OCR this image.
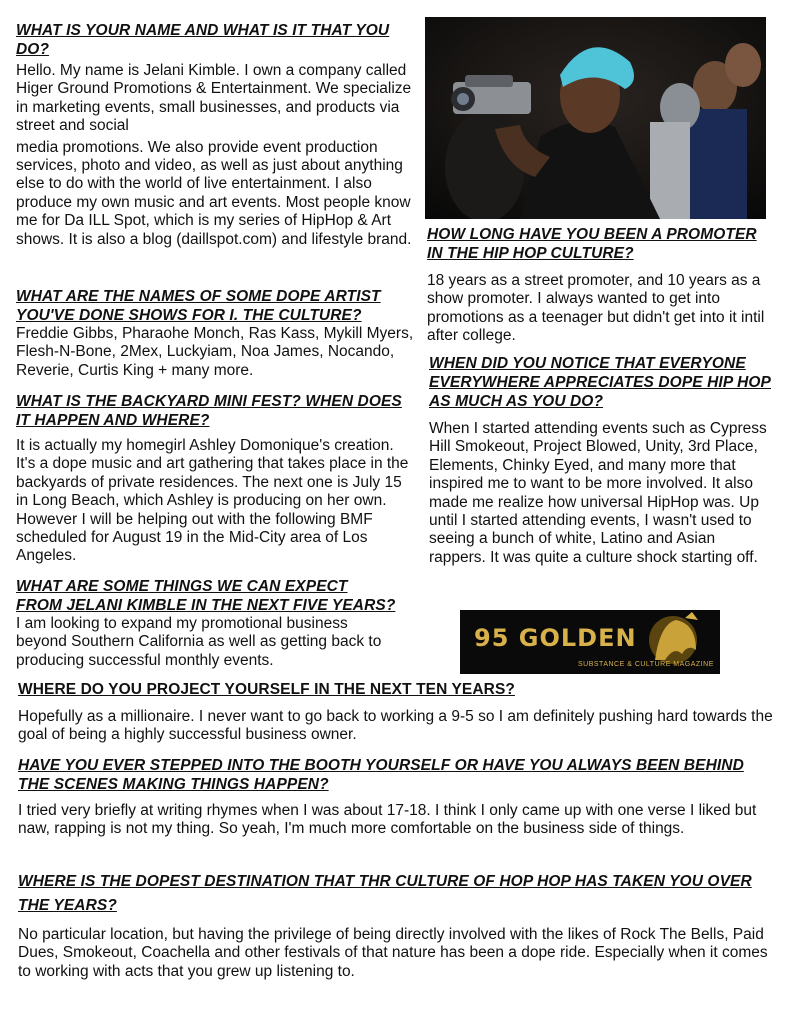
WHAT IS YOUR NAME AND WHAT IS IT THAT YOU DO?

Hello. My name is Jelani Kimble. I own a company called Higer Ground Promotions & Entertainment. We specialize in marketing events, small businesses, and products via street and social

media promotions. We also provide event production services, photo and video, as well as just about anything else to do with the world of live entertainment. I also produce my own music and art events. Most people know me for Da ILL Spot, which is my series of HipHop & Art shows. It is also a blog (daillspot.com) and lifestyle brand.

WHAT ARE THE NAMES OF SOME DOPE ARTIST YOU'VE DONE SHOWS FOR I. THE CULTURE?

Freddie Gibbs, Pharaohe Monch, Ras Kass, Mykill Myers, Flesh-N-Bone, 2Mex, Luckyiam, Noa James, Nocando, Reverie, Curtis King + many more.

WHAT IS THE BACKYARD MINI FEST? WHEN DOES IT HAPPEN AND WHERE?

It is actually my homegirl Ashley Domonique's creation. It's a dope music and art gathering that takes place in the backyards of private residences. The next one is July 15 in Long Beach, which Ashley is producing on her own. However I will be helping out with the following BMF scheduled for August 19 in the Mid-City area of Los Angeles.

WHAT ARE SOME THINGS WE CAN EXPECT FROM JELANI KIMBLE IN THE NEXT FIVE YEARS?

I am looking to expand my promotional business beyond Southern California as well as getting back to producing successful monthly events.

HOW LONG HAVE YOU BEEN A PROMOTER IN THE HIP HOP CULTURE?

18 years as a street promoter, and 10 years as a show promoter. I always wanted to get into promotions as a teenager but didn't get into it intil after college.

WHEN DID YOU NOTICE THAT EVERYONE EVERYWHERE APPRECIATES DOPE HIP HOP AS MUCH AS YOU DO?

When I started attending events such as Cypress Hill Smokeout, Project Blowed, Unity, 3rd Place, Elements, Chinky Eyed, and many more that inspired me to want to be more involved. It also made me realize how universal HipHop was. Up until I started attending events, I wasn't used to seeing a bunch of white, Latino and Asian rappers. It was quite a culture shock starting off.

95 GOLDEN
SUBSTANCE & CULTURE MAGAZINE

WHERE DO YOU PROJECT YOURSELF IN THE NEXT TEN YEARS?

Hopefully as a millionaire. I never want to go back to working a 9-5 so I am definitely pushing hard towards the goal of being a highly successful business owner.

HAVE YOU EVER STEPPED INTO THE BOOTH YOURSELF OR HAVE YOU ALWAYS BEEN BEHIND THE SCENES MAKING THINGS HAPPEN?

I tried very briefly at writing rhymes when I was about 17-18. I think I only came up with one verse I liked but naw, rapping is not my thing. So yeah, I'm much more comfortable on the business side of things.

WHERE IS THE DOPEST DESTINATION THAT THR CULTURE OF HOP HOP HAS TAKEN YOU OVER THE YEARS?

No particular location, but having the privilege of being directly involved with the likes of Rock The Bells, Paid Dues, Smokeout, Coachella and other festivals of that nature has been a dope ride. Especially when it comes to working with acts that you grew up listening to.
